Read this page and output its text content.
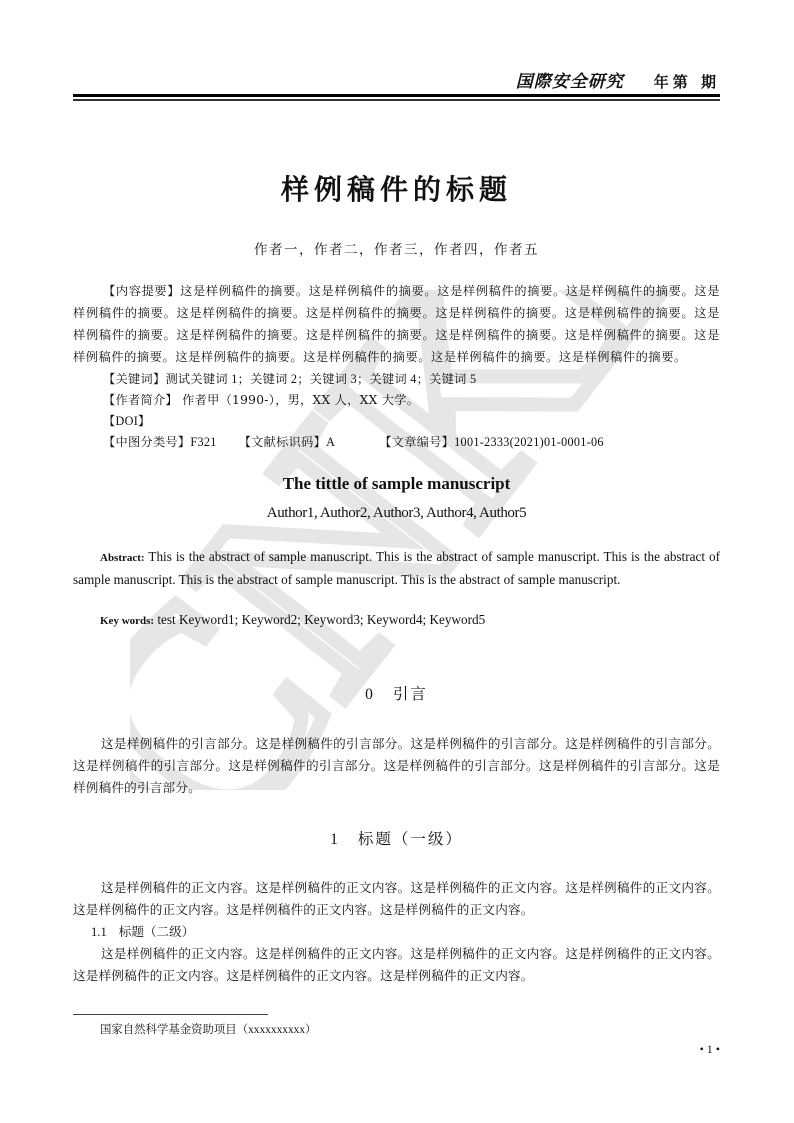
CNKI
国際安全研究 年第 期
样例稿件的标题
作者一，作者二，作者三，作者四，作者五
【内容提要】这是样例稿件的摘要。这是样例稿件的摘要。这是样例稿件的摘要。这是样例稿件的摘要。这是样例稿件的摘要。这是样例稿件的摘要。这是样例稿件的摘要。这是样例稿件的摘要。这是样例稿件的摘要。这是样例稿件的摘要。这是样例稿件的摘要。这是样例稿件的摘要。这是样例稿件的摘要。这是样例稿件的摘要。这是样例稿件的摘要。这是样例稿件的摘要。这是样例稿件的摘要。这是样例稿件的摘要。这是样例稿件的摘要。
【关键词】测试关键词 1；关键词 2；关键词 3；关键词 4；关键词 5
【作者简介】 作者甲（1990-），男，XX 人，XX 大学。
【DOI】
【中图分类号】F321 【文献标识码】A	【文章编号】1001-2333(2021)01-0001-06
The tittle of sample manuscript
Author1, Author2, Author3, Author4, Author5
Abstract: This is the abstract of sample manuscript. This is the abstract of sample manuscript. This is the abstract of sample manuscript. This is the abstract of sample manuscript. This is the abstract of sample manuscript.
Key words: test Keyword1; Keyword2; Keyword3; Keyword4; Keyword5
0 引言
这是样例稿件的引言部分。这是样例稿件的引言部分。这是样例稿件的引言部分。这是样例稿件的引言部分。这是样例稿件的引言部分。这是样例稿件的引言部分。这是样例稿件的引言部分。这是样例稿件的引言部分。这是样例稿件的引言部分。
1 标题（一级）
这是样例稿件的正文内容。这是样例稿件的正文内容。这是样例稿件的正文内容。这是样例稿件的正文内容。这是样例稿件的正文内容。这是样例稿件的正文内容。这是样例稿件的正文内容。
1.1 标题（二级）
这是样例稿件的正文内容。这是样例稿件的正文内容。这是样例稿件的正文内容。这是样例稿件的正文内容。这是样例稿件的正文内容。这是样例稿件的正文内容。这是样例稿件的正文内容。
国家自然科学基金资助项目（xxxxxxxxxx）
• 1 •
